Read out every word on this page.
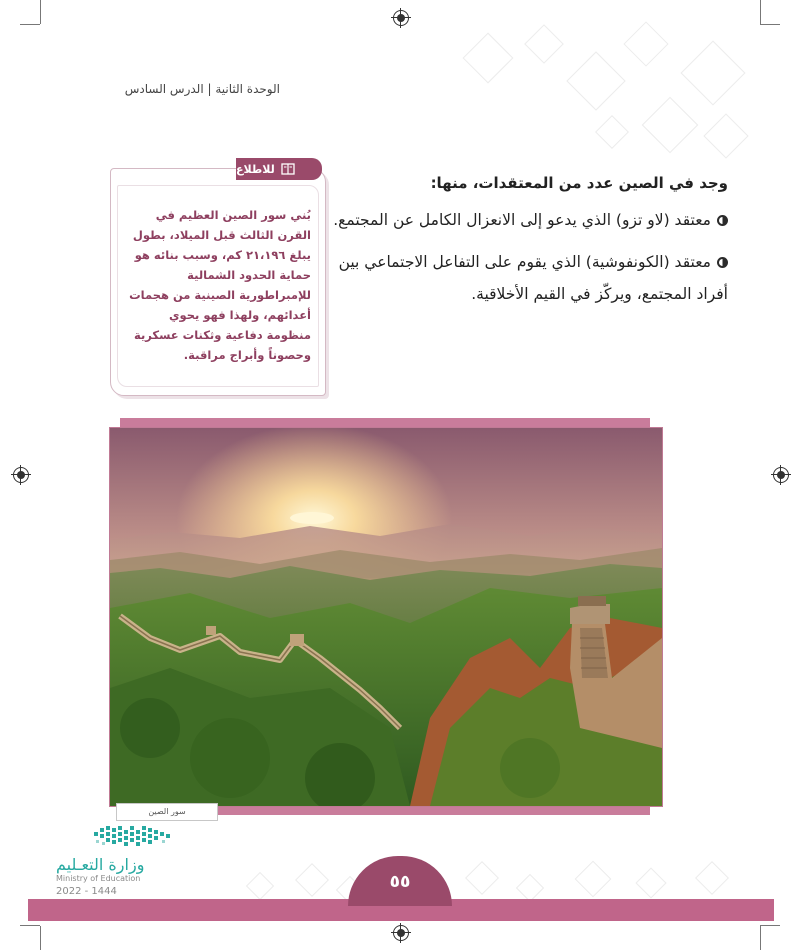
الوحدة الثانية | الدرس السادس
وجد في الصين عدد من المعتقدات، منها:
معتقد (لاو تزو) الذي يدعو إلى الانعزال الكامل عن المجتمع.
معتقد (الكونفوشية) الذي يقوم على التفاعل الاجتماعي بين أفراد المجتمع، ويركّز في القيم الأخلاقية.
بُني سور الصين العظيم في القرن الثالث قبل الميلاد، بطول يبلغ ٢١،١٩٦ كم، وسبب بنائه هو حماية الحدود الشمالية للإمبراطورية الصينية من هجمات أعدائهم، ولهذا فهو يحوي منظومة دفاعية وثكنات عسكرية وحصوناً وأبراج مراقبة.
للاطلاع
سور الصين
٥٥
وزارة التعـليم
Ministry of Education
2022 - 1444
